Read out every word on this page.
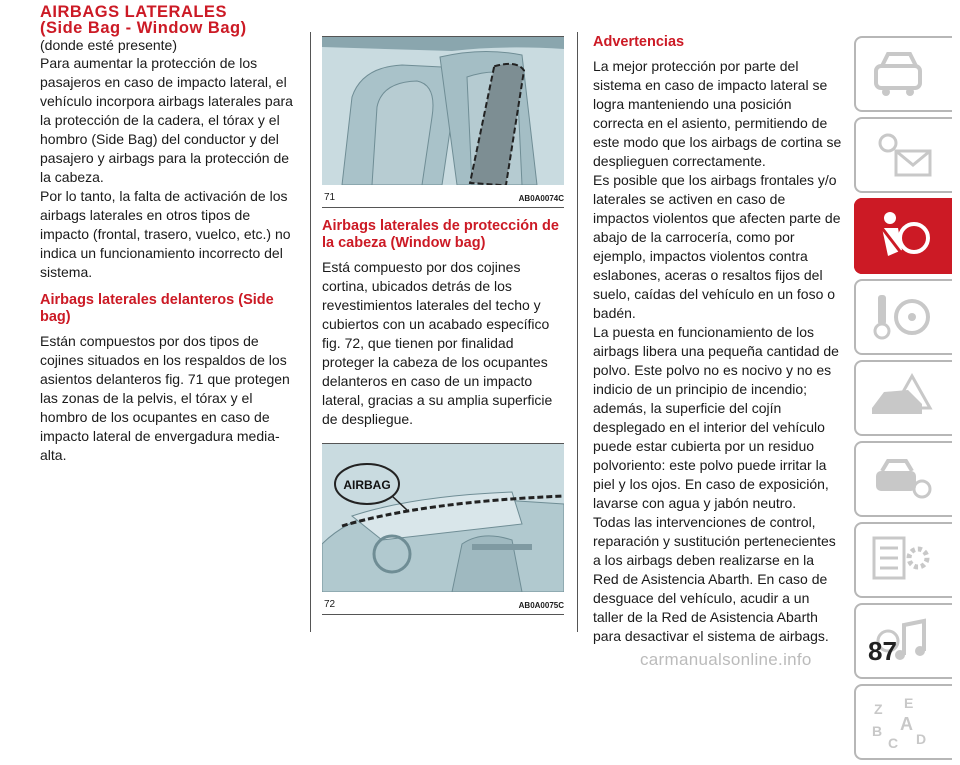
AIRBAGS LATERALES
(Side Bag - Window Bag)

(donde esté presente)

Para aumentar la protección de los pasajeros en caso de impacto lateral, el vehículo incorpora airbags laterales para la protección de la cadera, el tórax y el hombro (Side Bag) del conductor y del pasajero y airbags para la protección de la cabeza.

Por lo tanto, la falta de activación de los airbags laterales en otros tipos de impacto (frontal, trasero, vuelco, etc.) no indica un funcionamiento incorrecto del sistema.

Airbags laterales delanteros (Side bag)

Están compuestos por dos tipos de cojines situados en los respaldos de los asientos delanteros fig. 71 que protegen las zonas de la pelvis, el tórax y el hombro de los ocupantes en caso de impacto lateral de envergadura media-alta.

71	AB0A0074C
Airbags laterales de protección de la cabeza (Window bag)

Está compuesto por dos cojines cortina, ubicados detrás de los revestimientos laterales del techo y cubiertos con un acabado específico fig. 72, que tienen por finalidad proteger la cabeza de los ocupantes delanteros en caso de un impacto lateral, gracias a su amplia superficie de despliegue.

AIRBAG
72	AB0A0075C
Advertencias

La mejor protección por parte del sistema en caso de impacto lateral se logra manteniendo una posición correcta en el asiento, permitiendo de este modo que los airbags de cortina se desplieguen correctamente.

Es posible que los airbags frontales y/o laterales se activen en caso de impactos violentos que afecten parte de abajo de la carrocería, como por ejemplo, impactos violentos contra eslabones, aceras o resaltos fijos del suelo, caídas del vehículo en un foso o badén.

La puesta en funcionamiento de los airbags libera una pequeña cantidad de polvo. Este polvo no es nocivo y no es indicio de un principio de incendio; además, la superficie del cojín desplegado en el interior del vehículo puede estar cubierta por un residuo polvoriento: este polvo puede irritar la piel y los ojos. En caso de exposición, lavarse con agua y jabón neutro.

Todas las intervenciones de control, reparación y sustitución pertenecientes a los airbags deben realizarse en la Red de Asistencia Abarth. En caso de desguace del vehículo, acudir a un taller de la Red de Asistencia Abarth para desactivar el sistema de airbags.

Z E
B A
C D
87
carmanualsonline.info
